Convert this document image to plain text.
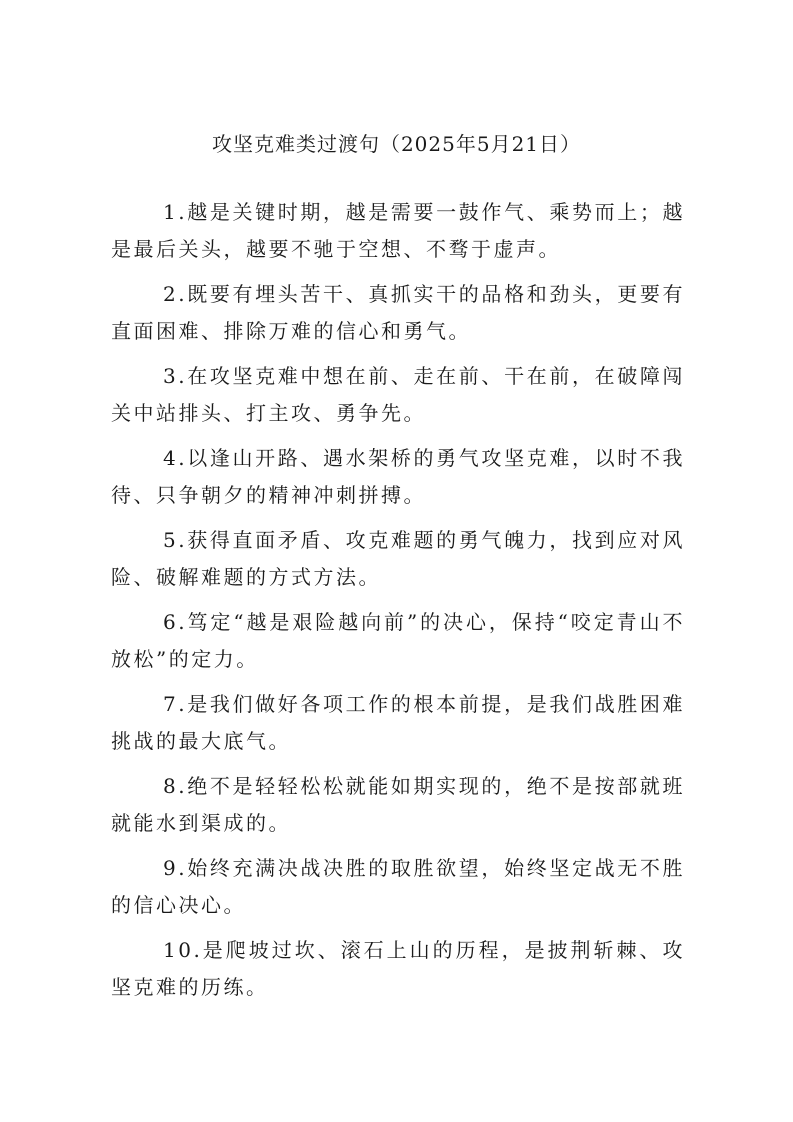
攻坚克难类过渡句（2025年5月21日）

1.越是关键时期，越是需要一鼓作气、乘势而上；越是最后关头，越要不驰于空想、不骛于虚声。

2.既要有埋头苦干、真抓实干的品格和劲头，更要有直面困难、排除万难的信心和勇气。

3.在攻坚克难中想在前、走在前、干在前，在破障闯关中站排头、打主攻、勇争先。

4.以逢山开路、遇水架桥的勇气攻坚克难，以时不我待、只争朝夕的精神冲刺拼搏。

5.获得直面矛盾、攻克难题的勇气魄力，找到应对风险、破解难题的方式方法。

6.笃定“越是艰险越向前”的决心，保持“咬定青山不放松”的定力。

7.是我们做好各项工作的根本前提，是我们战胜困难挑战的最大底气。

8.绝不是轻轻松松就能如期实现的，绝不是按部就班就能水到渠成的。

9.始终充满决战决胜的取胜欲望，始终坚定战无不胜的信心决心。

10.是爬坡过坎、滚石上山的历程，是披荆斩棘、攻坚克难的历练。
